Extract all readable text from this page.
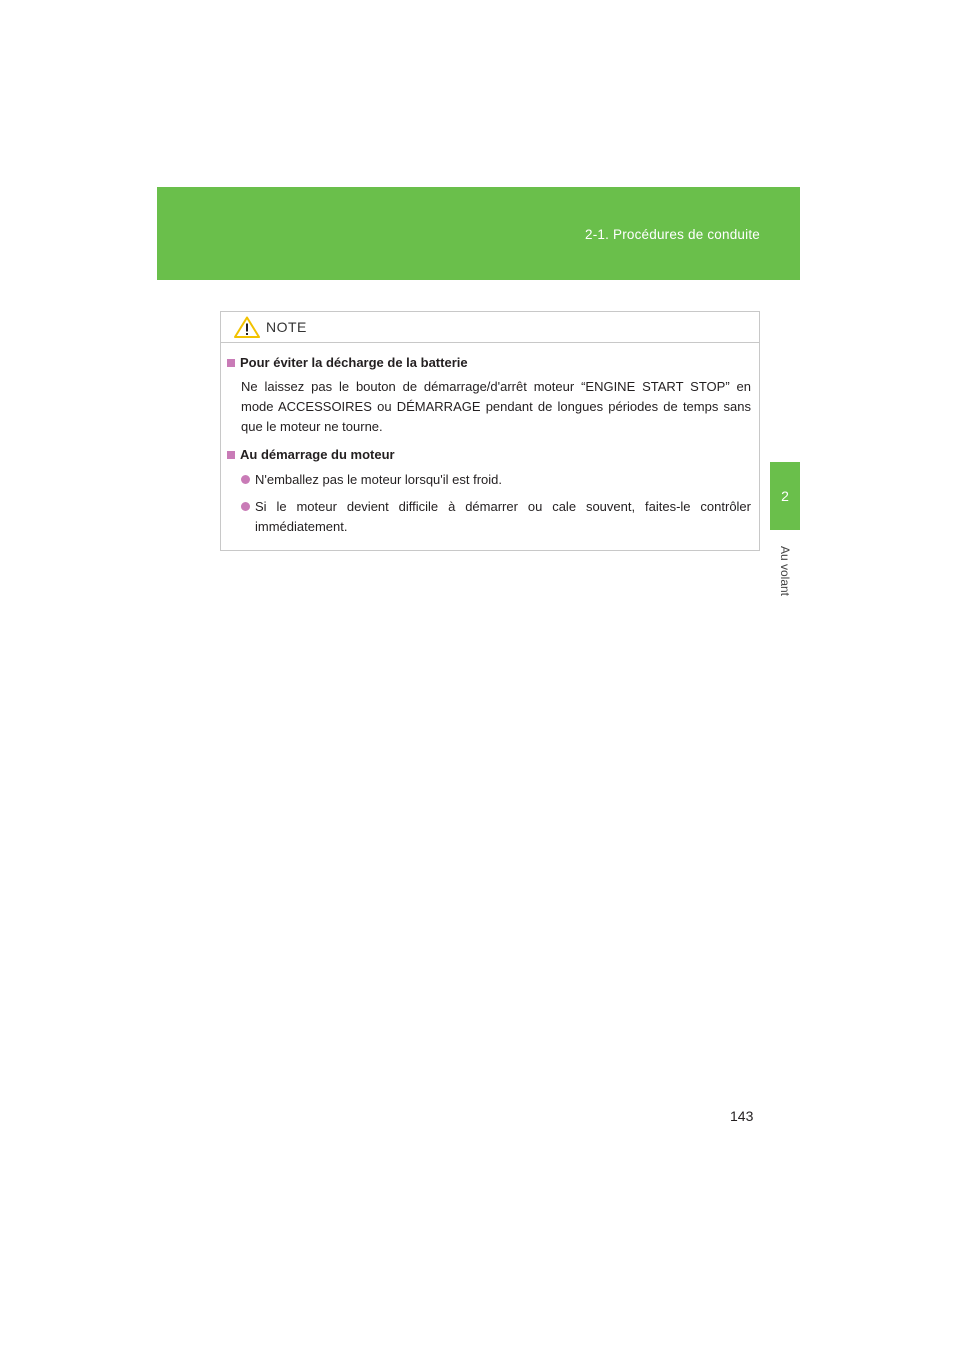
2-1. Procédures de conduite
2
Au volant
NOTE
Pour éviter la décharge de la batterie
Ne laissez pas le bouton de démarrage/d'arrêt moteur “ENGINE START STOP” en mode ACCESSOIRES ou DÉMARRAGE pendant de longues périodes de temps sans que le moteur ne tourne.
Au démarrage du moteur
N'emballez pas le moteur lorsqu'il est froid.
Si le moteur devient difficile à démarrer ou cale souvent, faites-le contrôler immédiatement.
143
